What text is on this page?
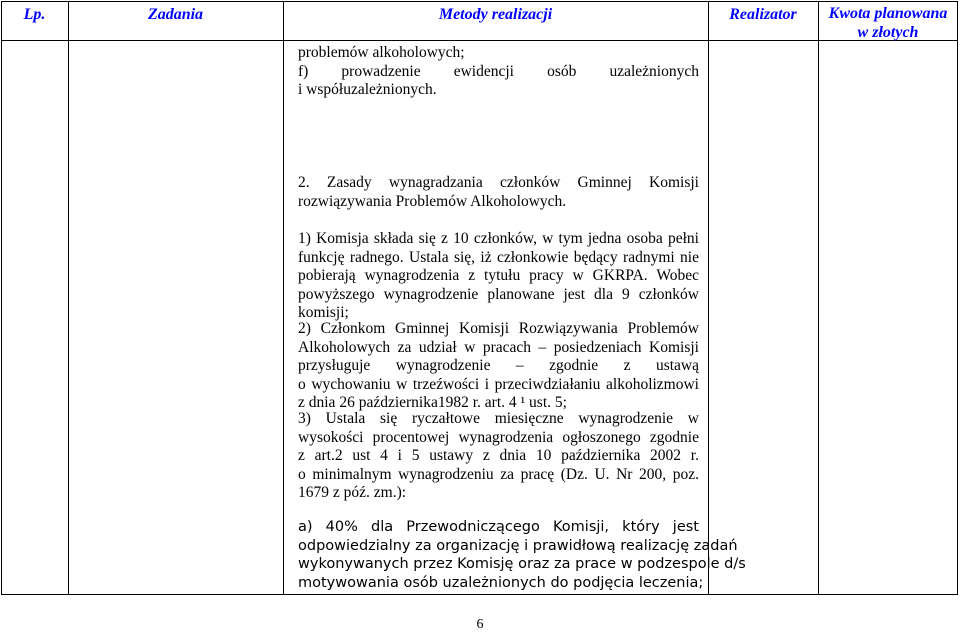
Lp.	Zadania	Metody realizacji	Realizator	Kwota planowana
w złotych
problemów alkoholowych;
f) prowadzenie ewidencji osób uzależnionych
i współuzależnionych.
2. Zasady wynagradzania członków Gminnej Komisji
rozwiązywania Problemów Alkoholowych.
1) Komisja składa się z 10 członków, w tym jedna osoba pełni
funkcję radnego. Ustala się, iż członkowie będący radnymi nie
pobierają wynagrodzenia z tytułu pracy w GKRPA. Wobec
powyższego wynagrodzenie planowane jest dla 9 członków
komisji;
2) Członkom Gminnej Komisji Rozwiązywania Problemów
Alkoholowych za udział w pracach – posiedzeniach Komisji
przysługuje wynagrodzenie – zgodnie z ustawą
o wychowaniu w trzeźwości i przeciwdziałaniu alkoholizmowi
z dnia 26 października1982 r. art. 4 ¹ ust. 5;
3) Ustala się ryczałtowe miesięczne wynagrodzenie w
wysokości procentowej wynagrodzenia ogłoszonego zgodnie
z art.2 ust 4 i 5 ustawy z dnia 10 października 2002 r.
o minimalnym wynagrodzeniu za pracę (Dz. U. Nr 200, poz.
1679 z póź. zm.):
a) 40% dla Przewodniczącego Komisji, który jest
odpowiedzialny za organizację i prawidłową realizację zadań
wykonywanych przez Komisję oraz za prace w podzespole d/s
motywowania osób uzależnionych do podjęcia leczenia;
6
